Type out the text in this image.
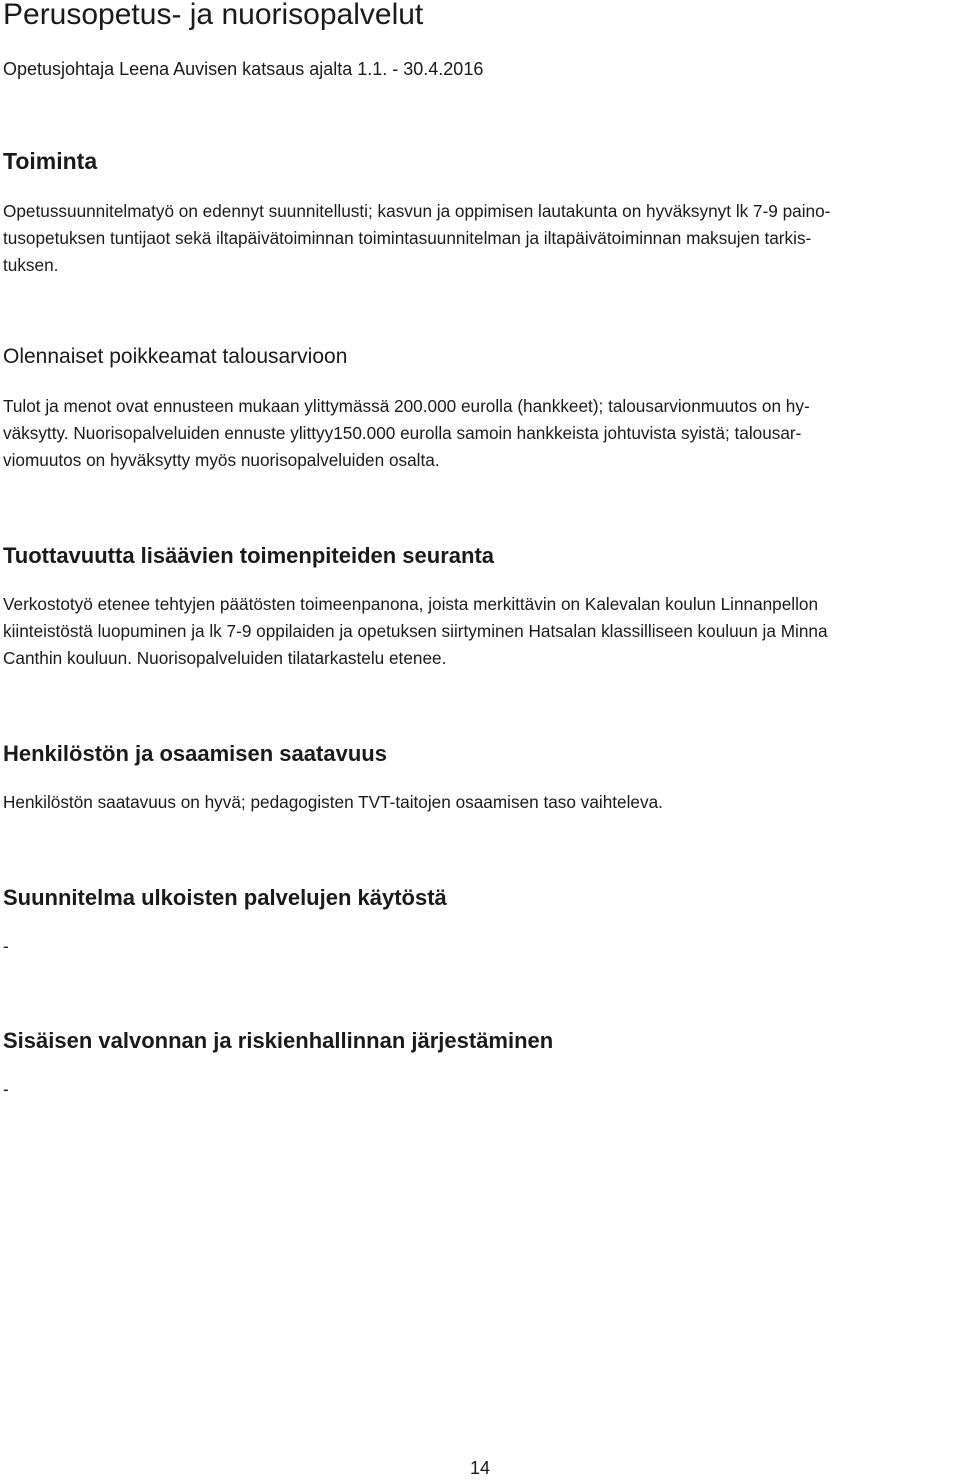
Perusopetus- ja nuorisopalvelut

Opetusjohtaja Leena Auvisen katsaus ajalta 1.1. - 30.4.2016

Toiminta

Opetussuunnitelmatyö on edennyt suunnitellusti; kasvun ja oppimisen lautakunta on hyväksynyt lk 7-9 paino-
tusopetuksen tuntijaot sekä iltapäivätoiminnan toimintasuunnitelman ja iltapäivätoiminnan maksujen tarkis-
tuksen.

Olennaiset poikkeamat talousarvioon

Tulot ja menot ovat ennusteen mukaan ylittymässä 200.000 eurolla (hankkeet); talousarvionmuutos on hy-
väksytty. Nuorisopalveluiden ennuste ylittyy150.000 eurolla samoin hankkeista johtuvista syistä; talousar-
viomuutos on hyväksytty myös nuorisopalveluiden osalta.

Tuottavuutta lisäävien toimenpiteiden seuranta

Verkostotyö etenee tehtyjen päätösten toimeenpanona, joista merkittävin on Kalevalan koulun Linnanpellon
kiinteistöstä luopuminen ja lk 7-9 oppilaiden ja opetuksen siirtyminen Hatsalan klassilliseen kouluun ja Minna
Canthin kouluun. Nuorisopalveluiden tilatarkastelu etenee.

Henkilöstön ja osaamisen saatavuus

Henkilöstön saatavuus on hyvä; pedagogisten TVT-taitojen osaamisen taso vaihteleva.

Suunnitelma ulkoisten palvelujen käytöstä

-

Sisäisen valvonnan ja riskienhallinnan järjestäminen

-

14
